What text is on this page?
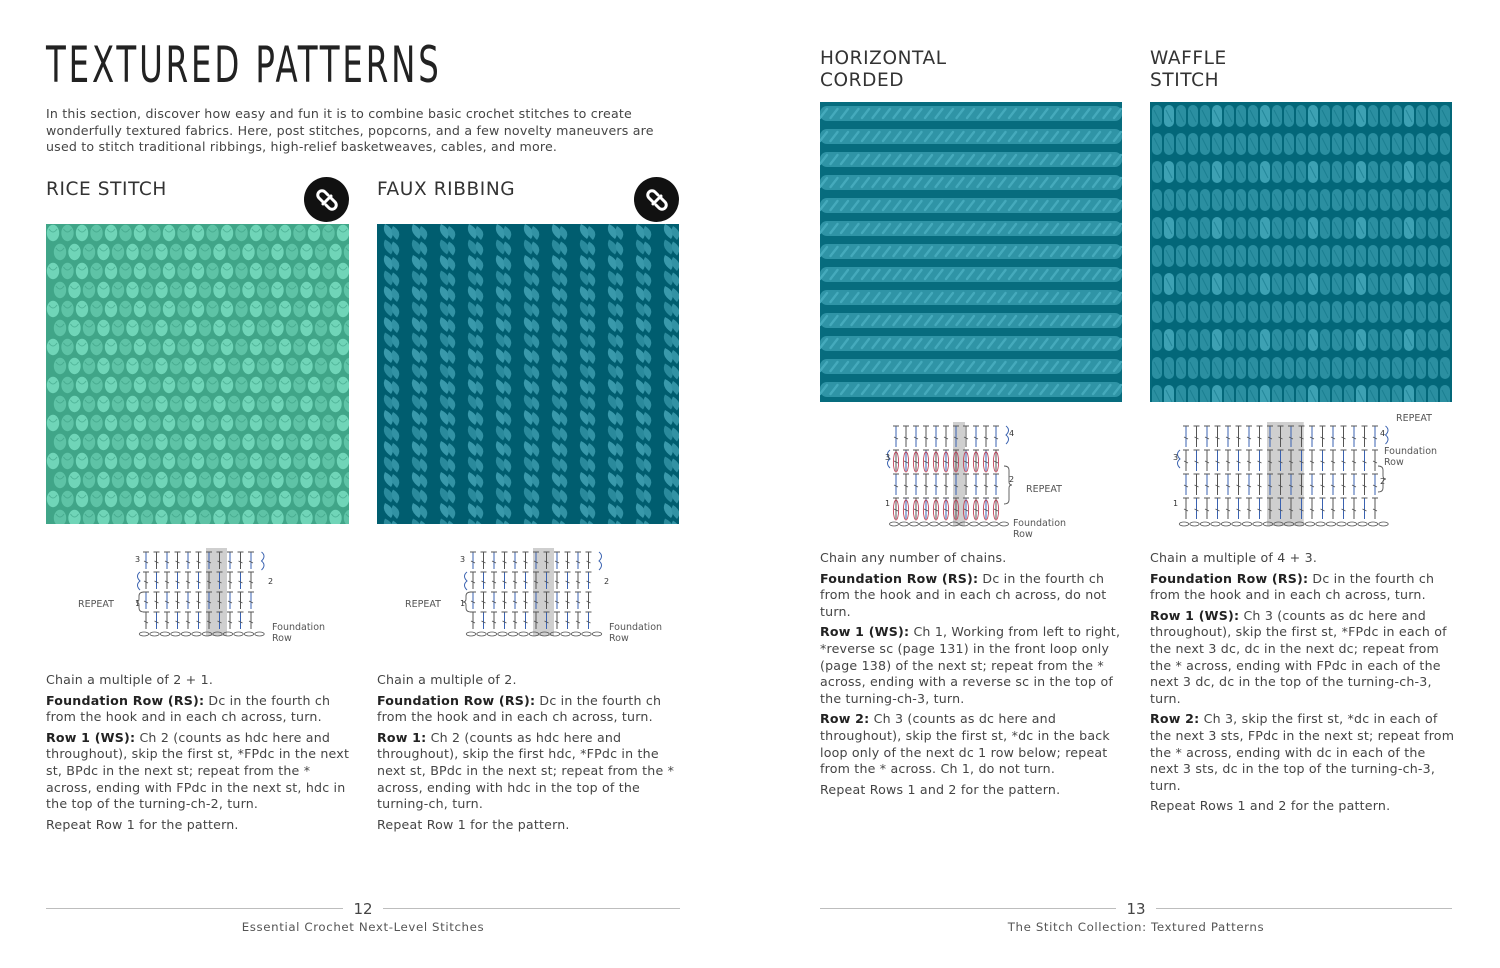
TEXTURED PATTERNS
In this section, discover how easy and fun it is to combine basic crochet stitches to create wonderfully textured fabrics. Here, post stitches, popcorns, and a few novelty maneuvers are used to stitch traditional ribbings, high-relief basketweaves, cables, and more.
RICE STITCH	FAUX RIBBING
3
2
1
REPEAT
Foundation
Row
3
2
1
REPEAT
Foundation
Row

Chain a multiple of 2 + 1.

Foundation Row (RS): Dc in the fourth ch from the hook and in each ch across, turn.

Row 1 (WS): Ch 2 (counts as hdc here and throughout), skip the first st, *FPdc in the next st, BPdc in the next st; repeat from the * across, ending with FPdc in the next st, hdc in the top of the turning-ch-2, turn.

Repeat Row 1 for the pattern.

Chain a multiple of 2.

Foundation Row (RS): Dc in the fourth ch from the hook and in each ch across, turn.

Row 1: Ch 2 (counts as hdc here and throughout), skip the first hdc, *FPdc in the next st, BPdc in the next st; repeat from the * across, ending with hdc in the top of the turning-ch, turn.

Repeat Row 1 for the pattern.

12
Essential Crochet Next-Level Stitches
HORIZONTAL
CORDED
WAFFLE
STITCH
4
3
2
1
REPEAT
Foundation
Row
4
3
2
1
REPEAT
Foundation
Row

Chain any number of chains.

Foundation Row (RS): Dc in the fourth ch from the hook and in each ch across, do not turn.

Row 1 (WS): Ch 1, Working from left to right, *reverse sc (page 131) in the front loop only (page 138) of the next st; repeat from the * across, ending with a reverse sc in the top of the turning-ch-3, turn.

Row 2: Ch 3 (counts as dc here and throughout), skip the first st, *dc in the back loop only of the next dc 1 row below; repeat from the * across. Ch 1, do not turn.

Repeat Rows 1 and 2 for the pattern.

Chain a multiple of 4 + 3.

Foundation Row (RS): Dc in the fourth ch from the hook and in each ch across, turn.

Row 1 (WS): Ch 3 (counts as dc here and throughout), skip the first st, *FPdc in each of the next 3 dc, dc in the next dc; repeat from the * across, ending with FPdc in each of the next 3 dc, dc in the top of the turning-ch-3, turn.

Row 2: Ch 3, skip the first st, *dc in each of the next 3 sts, FPdc in the next st; repeat from the * across, ending with dc in each of the next 3 sts, dc in the top of the turning-ch-3, turn.

Repeat Rows 1 and 2 for the pattern.

13
The Stitch Collection: Textured Patterns
